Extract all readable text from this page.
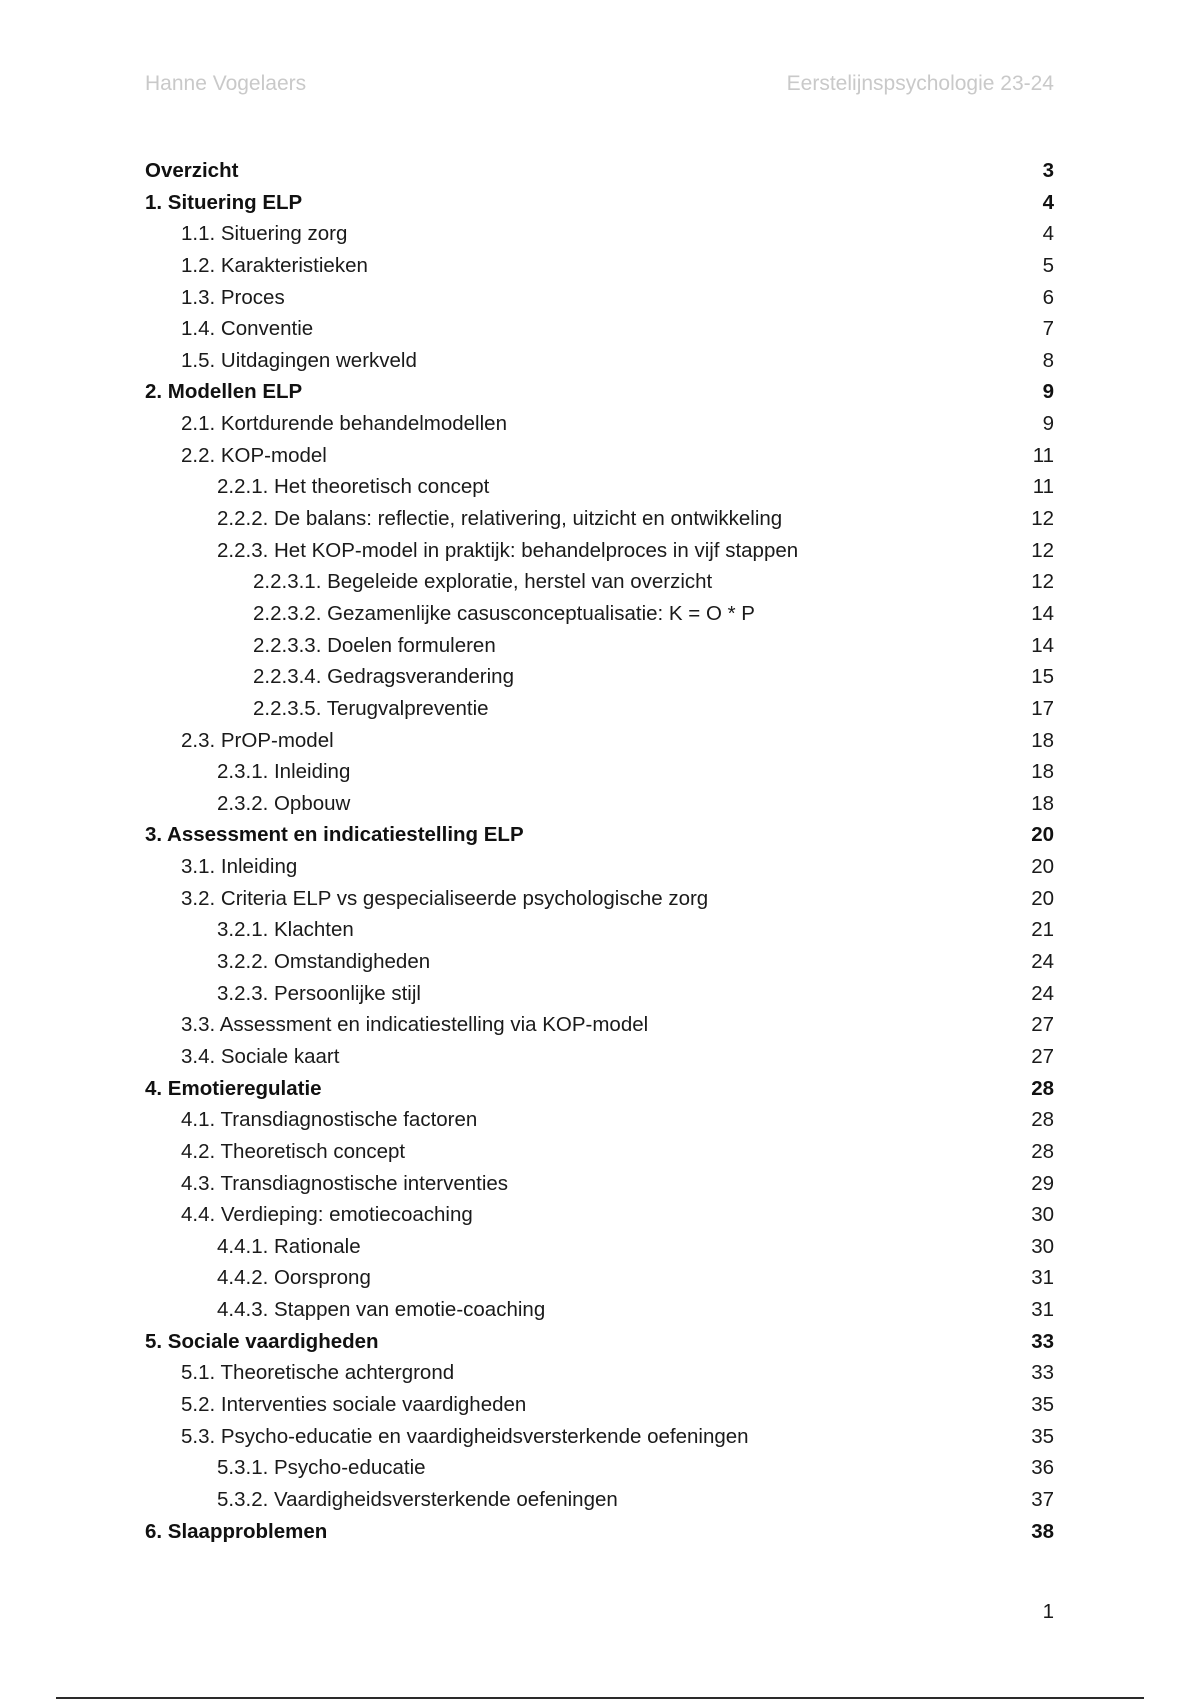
Hanne Vogelaers	Eerstelijnspsychologie 23-24
Overzicht	3
1. Situering ELP	4
1.1. Situering zorg	4
1.2. Karakteristieken	5
1.3. Proces	6
1.4. Conventie	7
1.5. Uitdagingen werkveld	8
2. Modellen ELP	9
2.1. Kortdurende behandelmodellen	9
2.2. KOP-model	11
2.2.1. Het theoretisch concept	11
2.2.2. De balans: reflectie, relativering, uitzicht en ontwikkeling	12
2.2.3. Het KOP-model in praktijk: behandelproces in vijf stappen	12
2.2.3.1. Begeleide exploratie, herstel van overzicht	12
2.2.3.2. Gezamenlijke casusconceptualisatie: K = O * P	14
2.2.3.3. Doelen formuleren	14
2.2.3.4. Gedragsverandering	15
2.2.3.5. Terugvalpreventie	17
2.3. PrOP-model	18
2.3.1. Inleiding	18
2.3.2. Opbouw	18
3. Assessment en indicatiestelling ELP	20
3.1. Inleiding	20
3.2. Criteria ELP vs gespecialiseerde psychologische zorg	20
3.2.1. Klachten	21
3.2.2. Omstandigheden	24
3.2.3. Persoonlijke stijl	24
3.3. Assessment en indicatiestelling via KOP-model	27
3.4. Sociale kaart	27
4. Emotieregulatie	28
4.1. Transdiagnostische factoren	28
4.2. Theoretisch concept	28
4.3. Transdiagnostische interventies	29
4.4. Verdieping: emotiecoaching	30
4.4.1. Rationale	30
4.4.2. Oorsprong	31
4.4.3. Stappen van emotie-coaching	31
5. Sociale vaardigheden	33
5.1. Theoretische achtergrond	33
5.2. Interventies sociale vaardigheden	35
5.3. Psycho-educatie en vaardigheidsversterkende oefeningen	35
5.3.1. Psycho-educatie	36
5.3.2. Vaardigheidsversterkende oefeningen	37
6. Slaapproblemen	38
1
